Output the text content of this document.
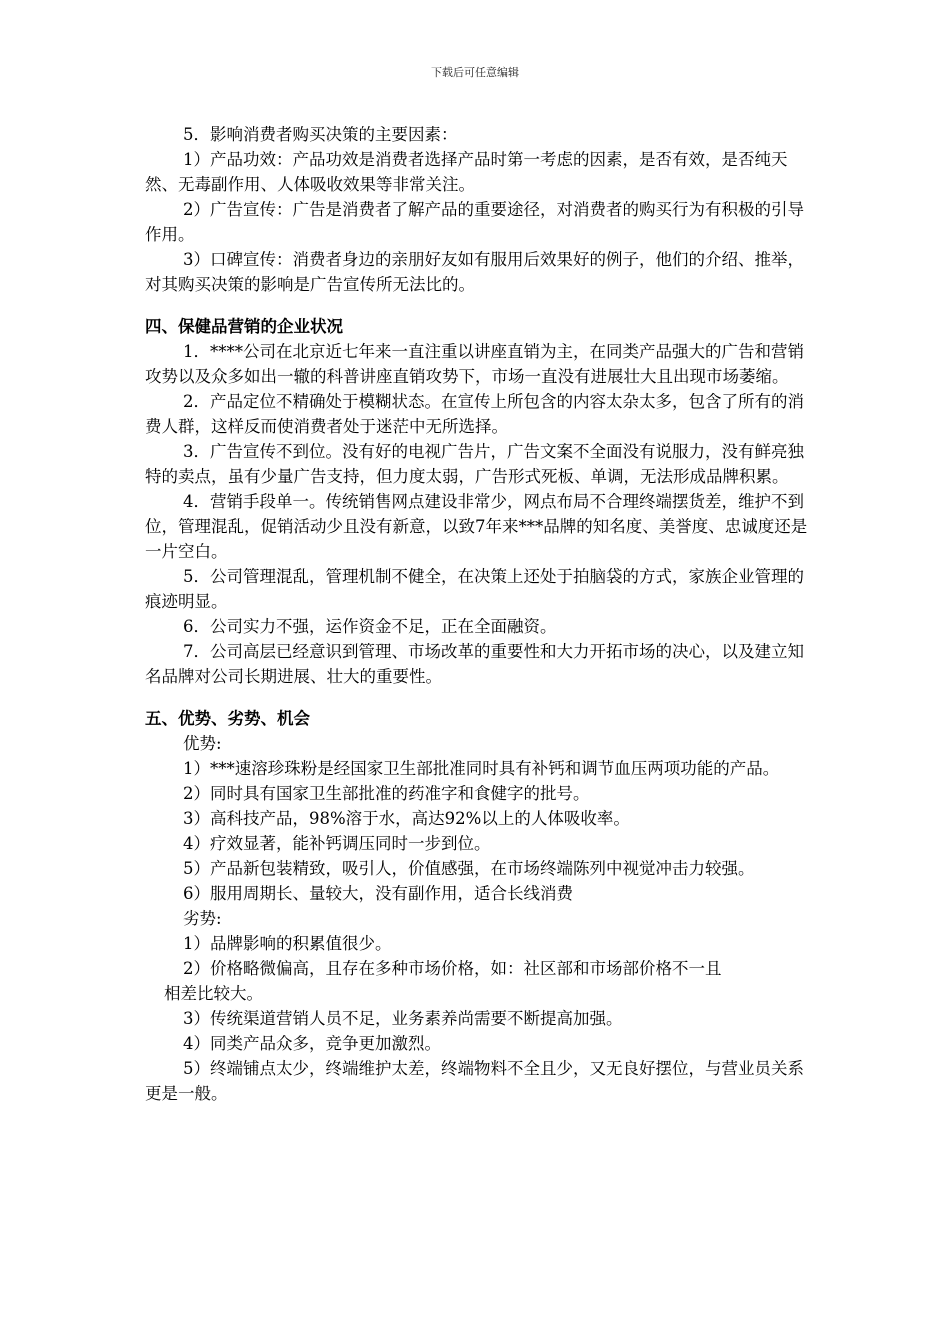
下载后可任意编辑

5．影响消费者购买决策的主要因素：

1）产品功效：产品功效是消费者选择产品时第一考虑的因素，是否有效，是否纯天然、无毒副作用、人体吸收效果等非常关注。

2）广告宣传：广告是消费者了解产品的重要途径，对消费者的购买行为有积极的引导作用。

3）口碑宣传：消费者身边的亲朋好友如有服用后效果好的例子，他们的介绍、推举，对其购买决策的影响是广告宣传所无法比的。

四、保健品营销的企业状况

1．****公司在北京近七年来一直注重以讲座直销为主，在同类产品强大的广告和营销攻势以及众多如出一辙的科普讲座直销攻势下，市场一直没有进展壮大且出现市场萎缩。

2．产品定位不精确处于模糊状态。在宣传上所包含的内容太杂太多，包含了所有的消费人群，这样反而使消费者处于迷茫中无所选择。

3．广告宣传不到位。没有好的电视广告片，广告文案不全面没有说服力，没有鲜亮独特的卖点，虽有少量广告支持，但力度太弱，广告形式死板、单调，无法形成品牌积累。

4．营销手段单一。传统销售网点建设非常少，网点布局不合理终端摆货差，维护不到位，管理混乱，促销活动少且没有新意，以致7年来***品牌的知名度、美誉度、忠诚度还是一片空白。

5．公司管理混乱，管理机制不健全，在决策上还处于拍脑袋的方式，家族企业管理的痕迹明显。

6．公司实力不强，运作资金不足，正在全面融资。

7．公司高层已经意识到管理、市场改革的重要性和大力开拓市场的决心，以及建立知名品牌对公司长期进展、壮大的重要性。

五、优势、劣势、机会

优势:

1）***速溶珍珠粉是经国家卫生部批准同时具有补钙和调节血压两项功能的产品。

2）同时具有国家卫生部批准的药准字和食健字的批号。

3）高科技产品，98%溶于水，高达92%以上的人体吸收率。

4）疗效显著，能补钙调压同时一步到位。

5）产品新包装精致，吸引人，价值感强，在市场终端陈列中视觉冲击力较强。

6）服用周期长、量较大，没有副作用，适合长线消费

劣势:

1）品牌影响的积累值很少。

2）价格略微偏高，且存在多种市场价格，如：社区部和市场部价格不一且

相差比较大。

3）传统渠道营销人员不足，业务素养尚需要不断提高加强。

4）同类产品众多，竞争更加激烈。

5）终端铺点太少，终端维护太差，终端物料不全且少，又无良好摆位，与营业员关系更是一般。
